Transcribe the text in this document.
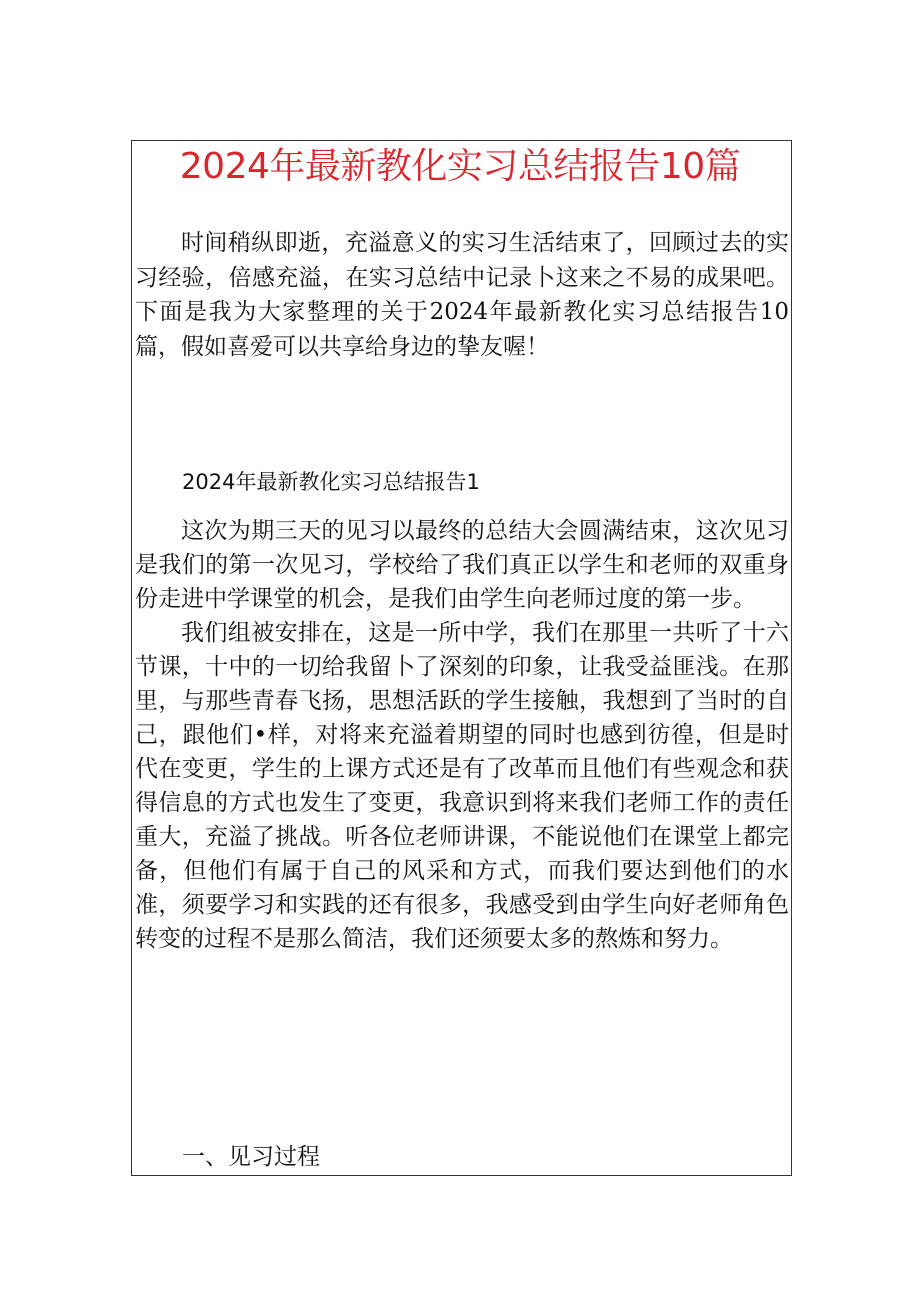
2024年最新教化实习总结报告10篇

时间稍纵即逝，充溢意义的实习生活结束了，回顾过去的实习经验，倍感充溢，在实习总结中记录卜这来之不易的成果吧。下面是我为大家整理的关于2024年最新教化实习总结报告10篇，假如喜爱可以共享给身边的挚友喔！

2024年最新教化实习总结报告1

这次为期三天的见习以最终的总结大会圆满结束，这次见习是我们的第一次见习，学校给了我们真正以学生和老师的双重身份走进中学课堂的机会，是我们由学生向老师过度的第一步。

我们组被安排在，这是一所中学，我们在那里一共听了十六节课，十中的一切给我留卜了深刻的印象，让我受益匪浅。在那里，与那些青春飞扬，思想活跃的学生接触，我想到了当时的自己，跟他们•样，对将来充溢着期望的同时也感到彷徨，但是时代在变更，学生的上课方式还是有了改革而且他们有些观念和获得信息的方式也发生了变更，我意识到将来我们老师工作的责任重大，充溢了挑战。听各位老师讲课，不能说他们在课堂上都完备，但他们有属于自己的风采和方式，而我们要达到他们的水准，须要学习和实践的还有很多，我感受到由学生向好老师角色转变的过程不是那么简洁，我们还须要太多的熬炼和努力。

一、见习过程
